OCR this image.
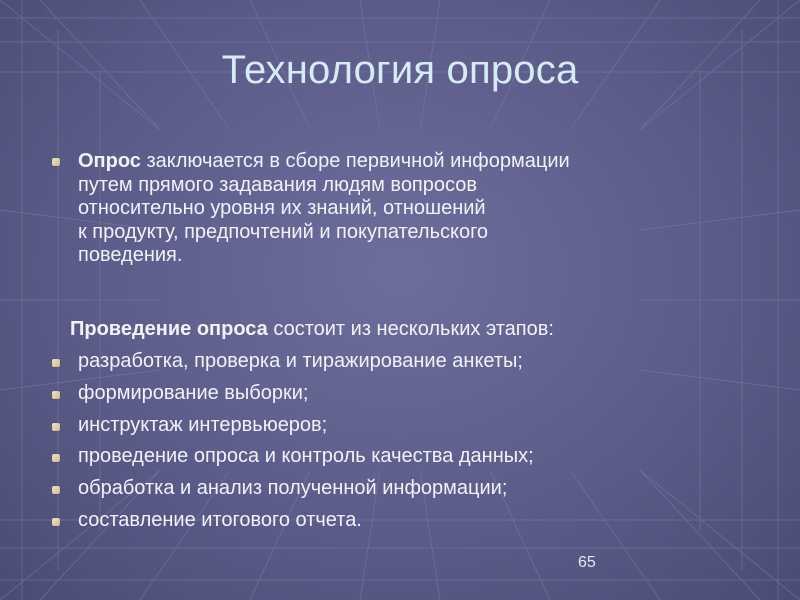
Технология опроса
Опрос заключается в сборе первичной информации
путем прямого задавания людям вопросов
относительно уровня их знаний, отношений
к продукту, предпочтений и покупательского
поведения.
Проведение опроса состоит из нескольких этапов:
разработка, проверка и тиражирование анкеты;
формирование выборки;
инструктаж интервьюеров;
проведение опроса и контроль качества данных;
обработка и анализ полученной информации;
составление итогового отчета.
65
